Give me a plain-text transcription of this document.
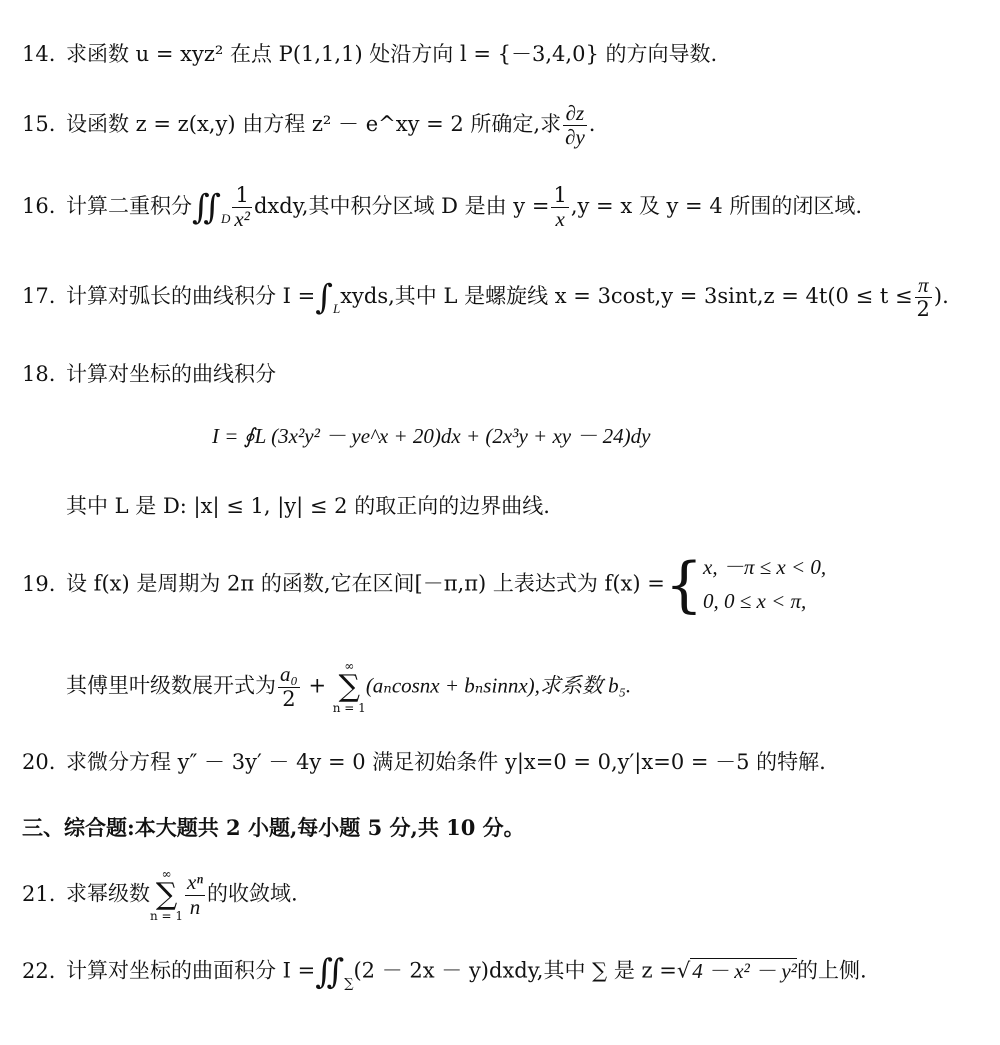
14. 求函数 u = xyz² 在点 P(1,1,1) 处沿方向 l = {－3,4,0} 的方向导数.
15. 设函数 z = z(x,y) 由方程 z² － e^xy = 2 所确定,求 $\frac{\partial z}{\partial y}$ .
16. 计算二重积分$∬_D \frac{1}{\text{x²}}$ dxdy,其中积分区域 D 是由 $y = \frac{1}{x} ,y = x$ 及 y = 4 所围的闭区域.
17. 计算对弧长的曲线积分 $I =\int_Lxyds$,其中 L 是螺旋线 $x = 3\cos t,y = 3\sin t,z = 4t(0 \le t \le \frac{\pi}{2}$ ).
18. 计算对坐标的曲线积分
I = ∮L (3x²y² － ye^x + 20)dx + (2x³y + xy － 24)dy
其中 L 是 D: |x| ≤ 1, |y| ≤ 2 的取正向的边界曲线.
19. 设 f(x) 是周期为 2π 的函数,它在区间[－π,π) 上表达式为 f(x) ={ x, －π ≤ x < 0,
0, 0 ≤ x < π,
其傅里叶级数展开式为 $\frac{\text{a₀}}{2}$ +
∞
∑
n = 1
(aₙcosnx + bₙsinnx),求系数 b₅.
20. 求微分方程 y″ － 3y′ － 4y = 0 满足初始条件 y|x=0 = 0,y′|x=0 = －5 的特解.
三、综合题:本大题共 2 小题,每小题 5 分,共 10 分。
21. 求幂级数
∞
∑
$n = 1 \frac{\text{xⁿ}}{n}$ 的收敛域.
22. 计算对坐标的曲面积分 $I =∬_\sum(2 - 2x$ － y)dxdy,其中 ∑ 是 z =√4 － x² － y²的上侧.
